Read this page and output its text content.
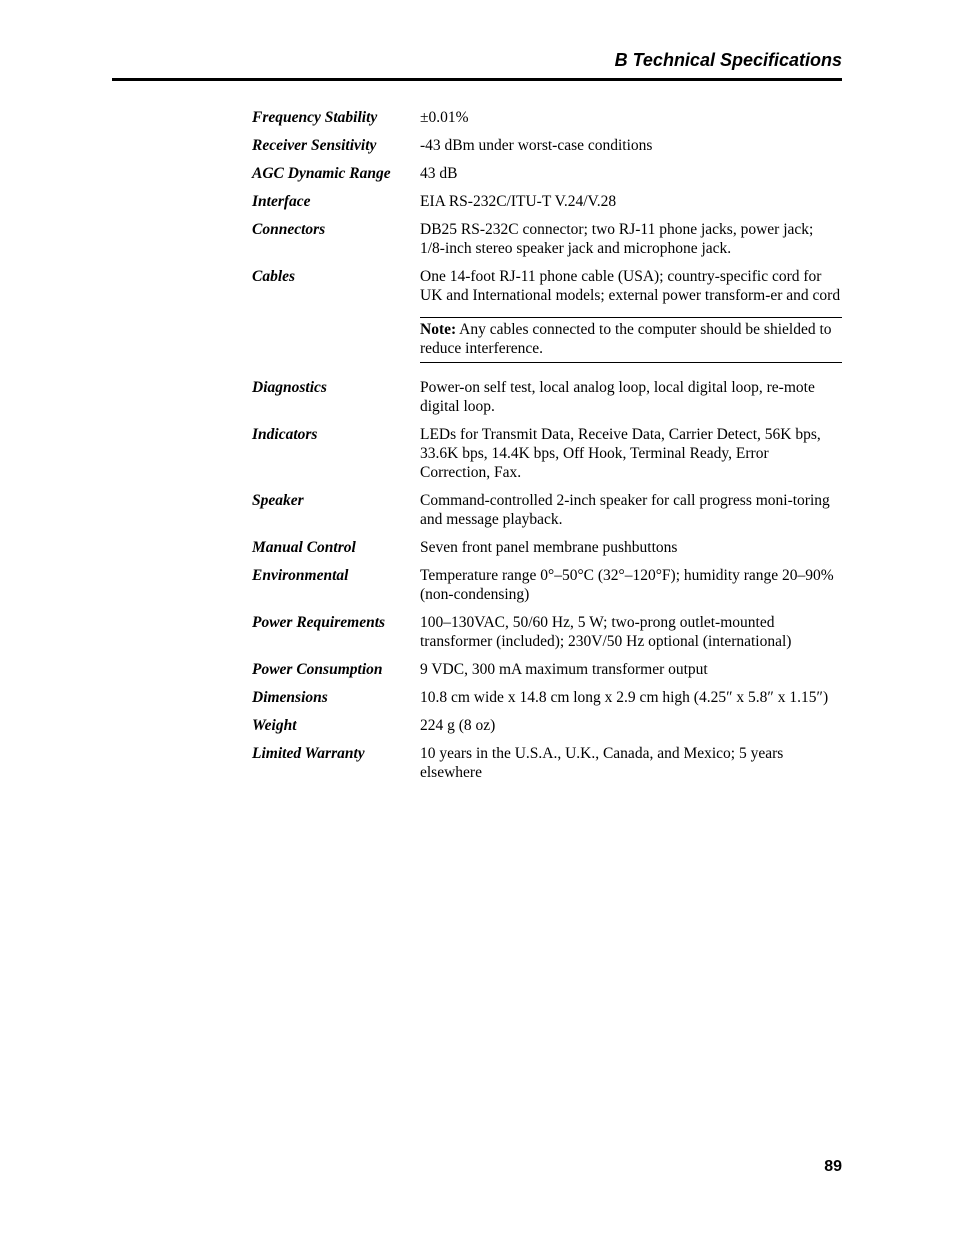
B Technical Specifications
Frequency Stability	±0.01%
Receiver Sensitivity	-43 dBm under worst-case conditions
AGC Dynamic Range	43 dB
Interface	EIA RS-232C/ITU-T V.24/V.28
Connectors	DB25 RS-232C connector; two RJ-11 phone jacks, power jack; 1/8-inch stereo speaker jack and microphone jack.
Cables	One 14-foot RJ-11 phone cable (USA); country-specific cord for UK and International models; external power transform-er and cord
Note: Any cables connected to the computer should be shielded to reduce interference.
Diagnostics	Power-on self test, local analog loop, local digital loop, re-mote digital loop.
Indicators	LEDs for Transmit Data, Receive Data, Carrier Detect, 56K bps, 33.6K bps, 14.4K bps, Off Hook, Terminal Ready, Error Correction, Fax.
Speaker	Command-controlled 2-inch speaker for call progress moni-toring and message playback.
Manual Control	Seven front panel membrane pushbuttons
Environmental	Temperature range 0°–50°C (32°–120°F); humidity range 20–90% (non-condensing)
Power Requirements	100–130VAC, 50/60 Hz, 5 W; two-prong outlet-mounted transformer (included); 230V/50 Hz optional (international)
Power Consumption	9 VDC, 300 mA maximum transformer output
Dimensions	10.8 cm wide x 14.8 cm long x 2.9 cm high (4.25″ x 5.8″ x 1.15″)
Weight	224 g (8 oz)
Limited Warranty	10 years in the U.S.A., U.K., Canada, and Mexico; 5 years elsewhere
89
